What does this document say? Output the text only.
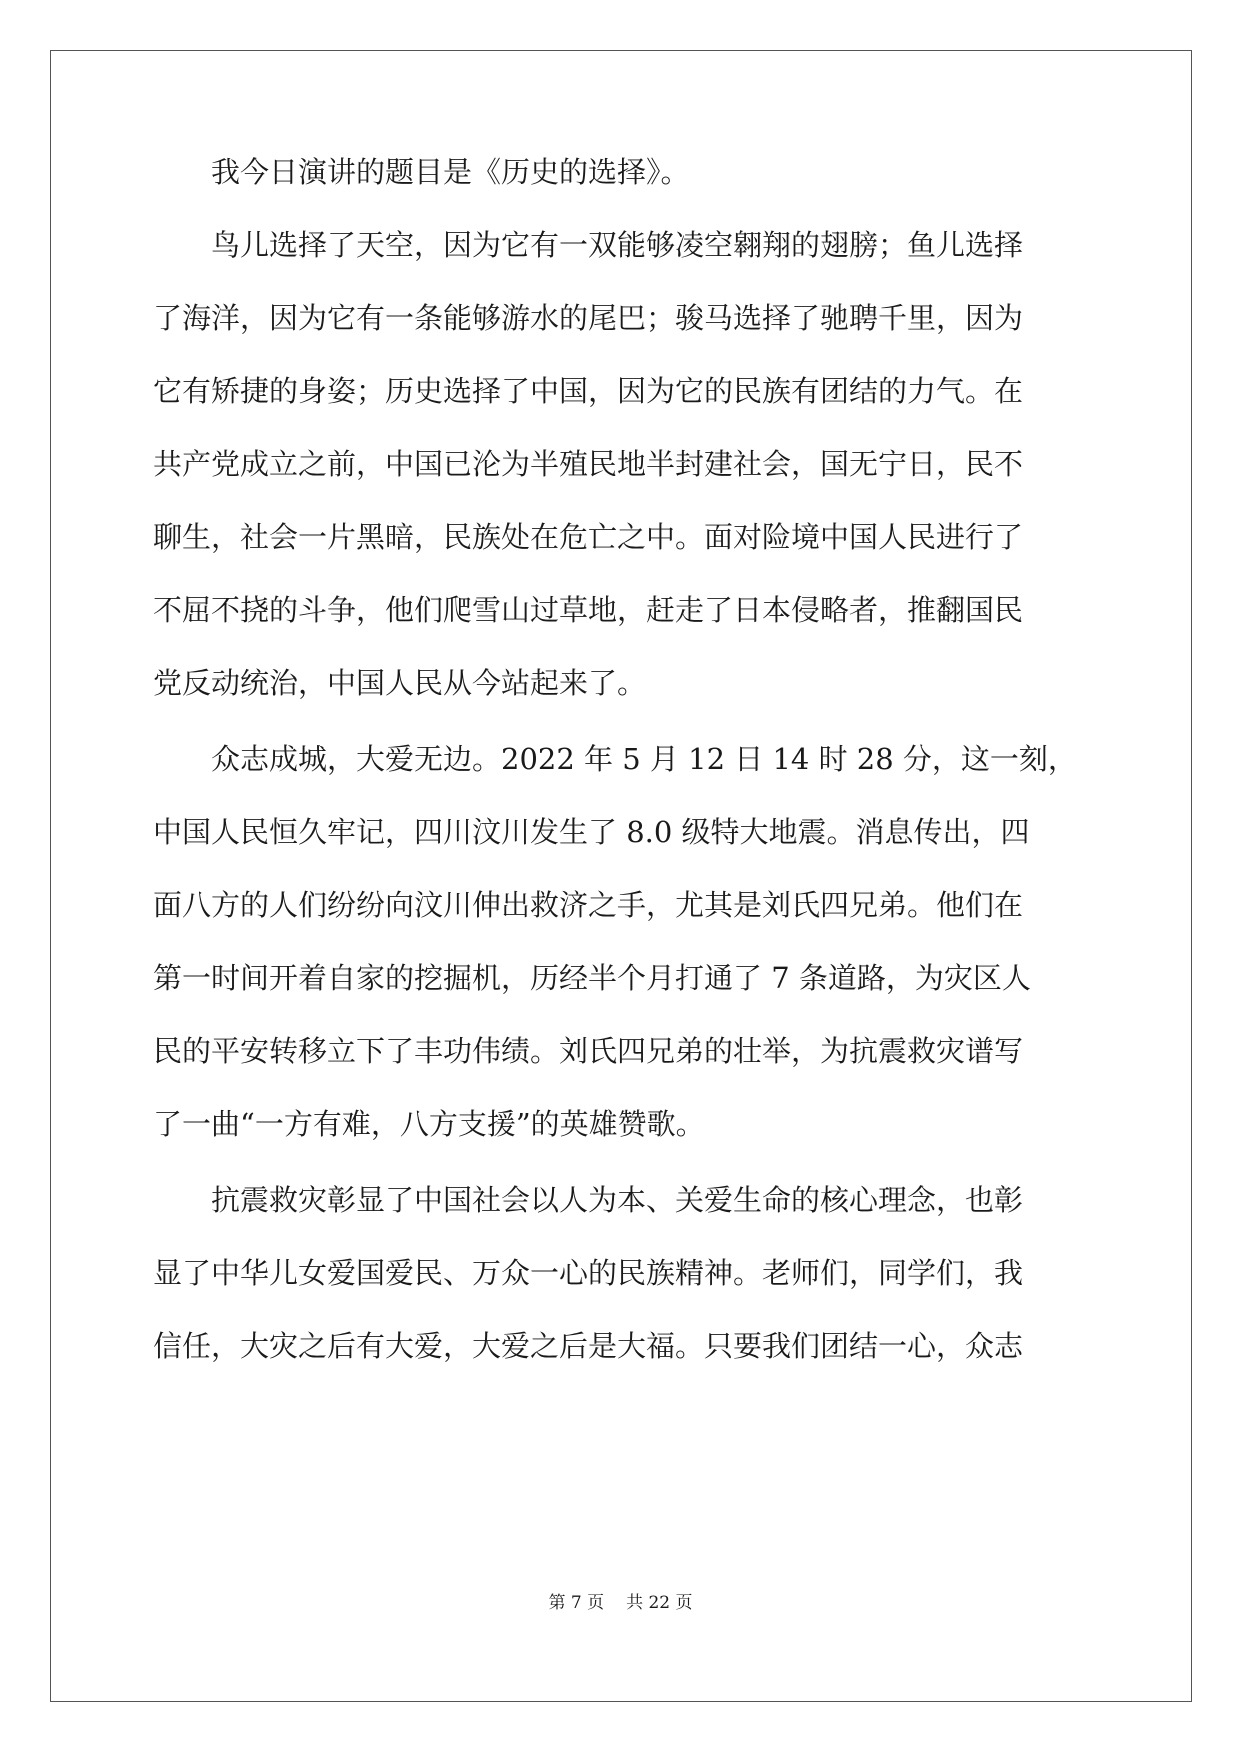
　　我今日演讲的题目是《历史的选择》。
　　鸟儿选择了天空，因为它有一双能够凌空翱翔的翅膀；鱼儿选择
了海洋，因为它有一条能够游水的尾巴；骏马选择了驰聘千里，因为
它有矫捷的身姿；历史选择了中国，因为它的民族有团结的力气。在
共产党成立之前，中国已沦为半殖民地半封建社会，国无宁日，民不
聊生，社会一片黑暗，民族处在危亡之中。面对险境中国人民进行了
不屈不挠的斗争，他们爬雪山过草地，赶走了日本侵略者，推翻国民
党反动统治，中国人民从今站起来了。
　　众志成城，大爱无边。2022 年 5 月 12 日 14 时 28 分，这一刻，
中国人民恒久牢记，四川汶川发生了 8.0 级特大地震。消息传出，四
面八方的人们纷纷向汶川伸出救济之手，尤其是刘氏四兄弟。他们在
第一时间开着自家的挖掘机，历经半个月打通了 7 条道路，为灾区人
民的平安转移立下了丰功伟绩。刘氏四兄弟的壮举，为抗震救灾谱写
了一曲“一方有难，八方支援”的英雄赞歌。
　　抗震救灾彰显了中国社会以人为本、关爱生命的核心理念，也彰
显了中华儿女爱国爱民、万众一心的民族精神。老师们，同学们，我
信任，大灾之后有大爱，大爱之后是大福。只要我们团结一心，众志
第 7 页 共 22 页
